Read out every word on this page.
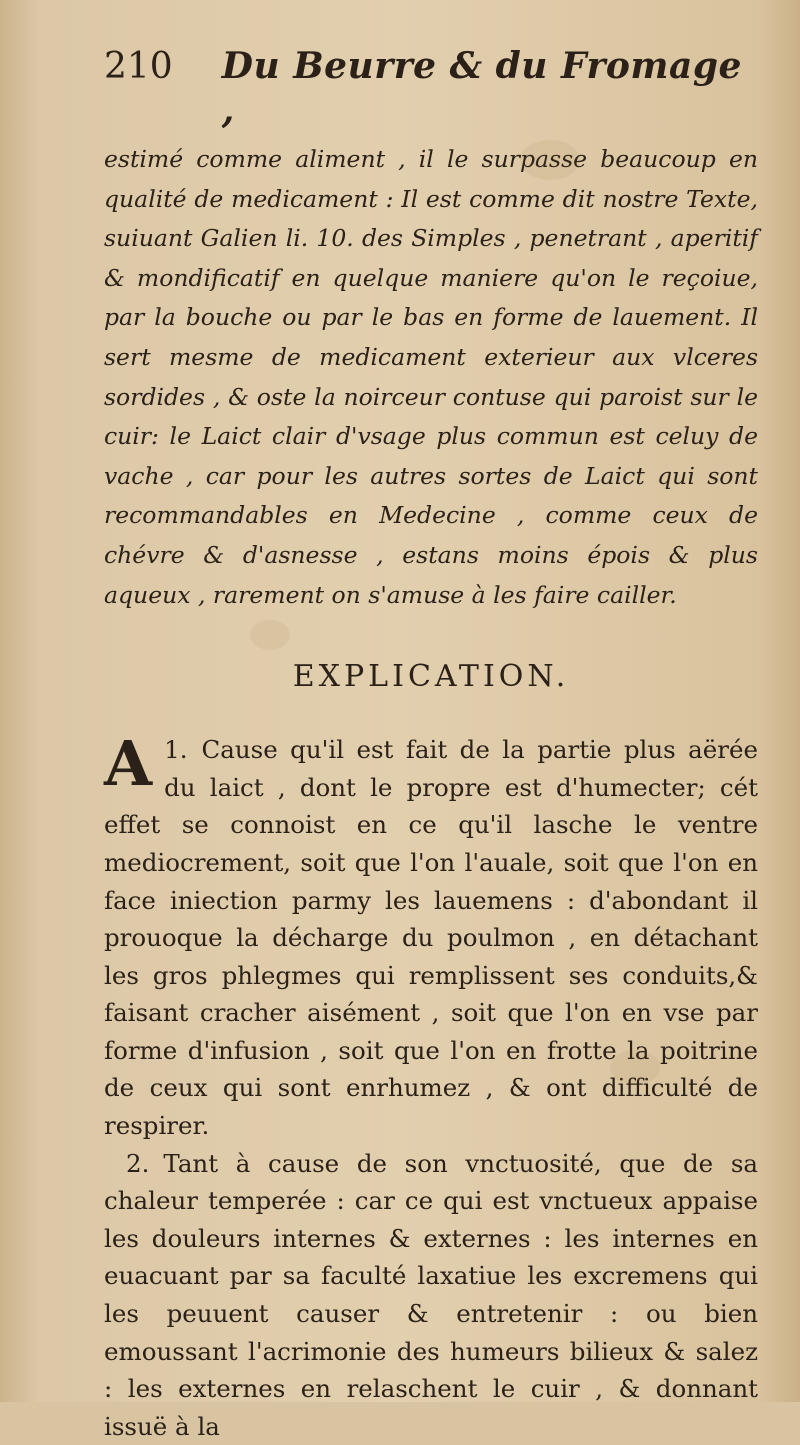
210	Du Beurre & du Fromage ,

estimé comme aliment , il le surpasse beaucoup en qualité de medicament : Il est comme dit nostre Texte, suiuant Galien li. 10. des Simples , penetrant , aperitif & mondificatif en quelque maniere qu'on le reçoiue, par la bouche ou par le bas en forme de lauement. Il sert mesme de medicament exterieur aux vlceres sordides , & oste la noirceur contuse qui paroist sur le cuir: le Laict clair d'vsage plus commun est celuy de vache , car pour les autres sortes de Laict qui sont recommandables en Medecine , comme ceux de chévre & d'asnesse , estans moins épois & plus aqueux , rarement on s'amuse à les faire cailler.

EXPLICATION.

1.
A Cause qu'il est fait de la partie plus aërée du laict , dont le propre est d'humecter; cét effet se connoist en ce qu'il lasche le ventre mediocrement, soit que l'on l'auale, soit que l'on en face iniection parmy les lauemens : d'abondant il prouoque la décharge du poulmon , en détachant les gros phlegmes qui remplissent ses conduits,& faisant cracher aisément , soit que l'on en vse par forme d'infusion , soit que l'on en frotte la poitrine de ceux qui sont enrhumez , & ont difficulté de respirer.

2. Tant à cause de son vnctuosité, que de sa chaleur temperée : car ce qui est vnctueux appaise les douleurs internes & externes : les internes en euacuant par sa faculté laxatiue les excremens qui les peuuent causer & entretenir : ou bien emoussant l'acrimonie des humeurs bilieux & salez : les externes en relaschent le cuir , & donnant issuë à la
